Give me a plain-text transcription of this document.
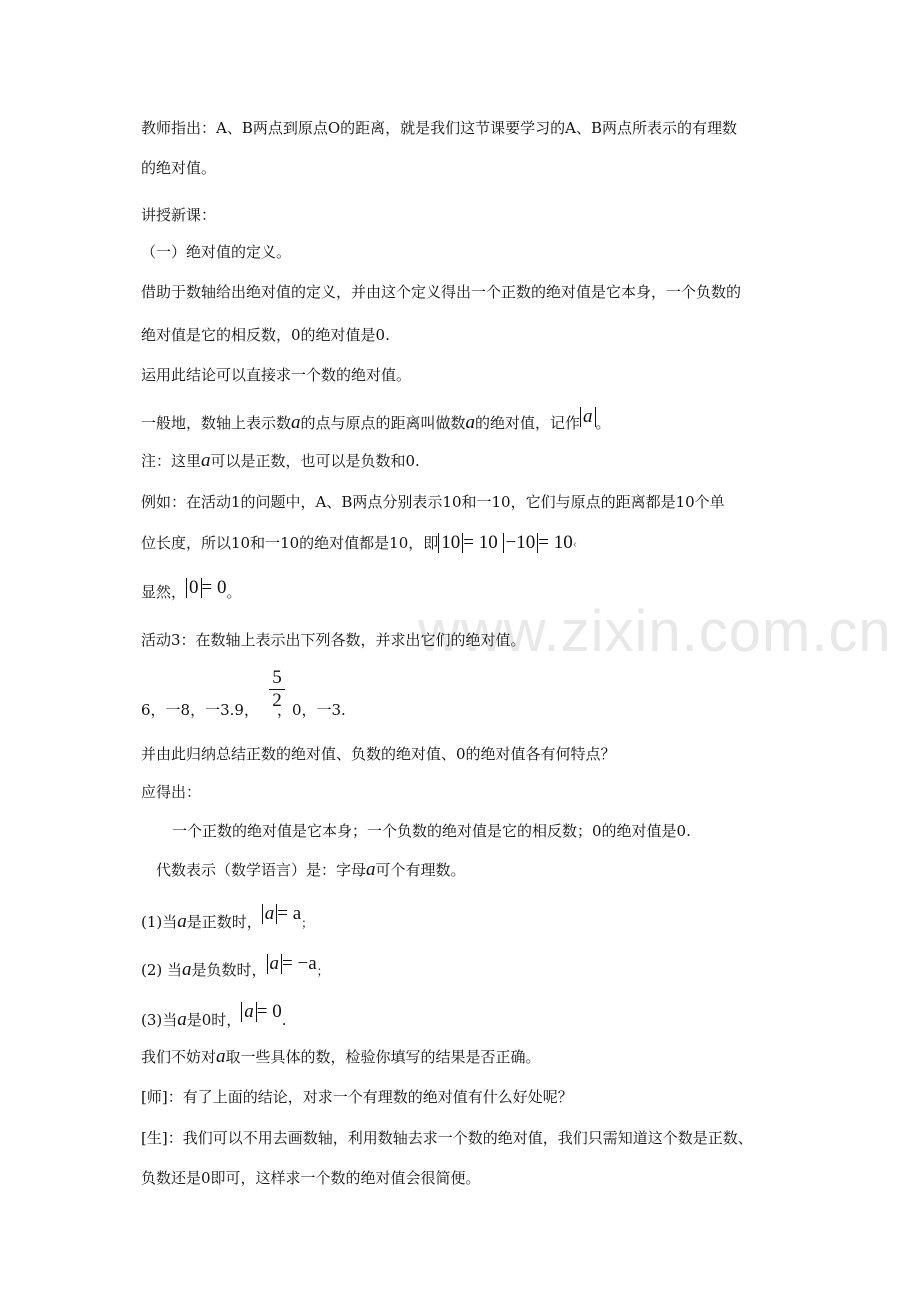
www.zixin.com.cn
教师指出：A、B两点到原点O的距离，就是我们这节课要学习的A、B两点所表示的有理数
的绝对值。
讲授新课：
（一）绝对值的定义。
借助于数轴给出绝对值的定义，并由这个定义得出一个正数的绝对值是它本身，一个负数的
绝对值是它的相反数，0的绝对值是0.
运用此结论可以直接求一个数的绝对值。
一般地，数轴上表示数a的点与原点的距离叫做数a的绝对值，记作 a 。
注：这里a可以是正数，也可以是负数和0.
例如：在活动1的问题中，A、B两点分别表示10和一10，它们与原点的距离都是10个单
位长度，所以10和一10的绝对值都是10，即 10 = 10 −10 = 10‹
显然， 0 = 0。
活动3：在数轴上表示出下列各数，并求出它们的绝对值。
$\frac{5}{2}$
6，一8，一3.9， ，0，一3.
并由此归纳总结正数的绝对值、负数的绝对值、0的绝对值各有何特点？
应得出：
一个正数的绝对值是它本身；一个负数的绝对值是它的相反数；0的绝对值是0.
代数表示（数学语言）是：字母a可个有理数。
(1)当a是正数时， a = a；
(2) 当a是负数时， a = −a；
(3)当a是0时， a = 0.
我们不妨对a取一些具体的数，检验你填写的结果是否正确。
[师]：有了上面的结论，对求一个有理数的绝对值有什么好处呢？
[生]：我们可以不用去画数轴，利用数轴去求一个数的绝对值，我们只需知道这个数是正数、
负数还是0即可，这样求一个数的绝对值会很简便。
